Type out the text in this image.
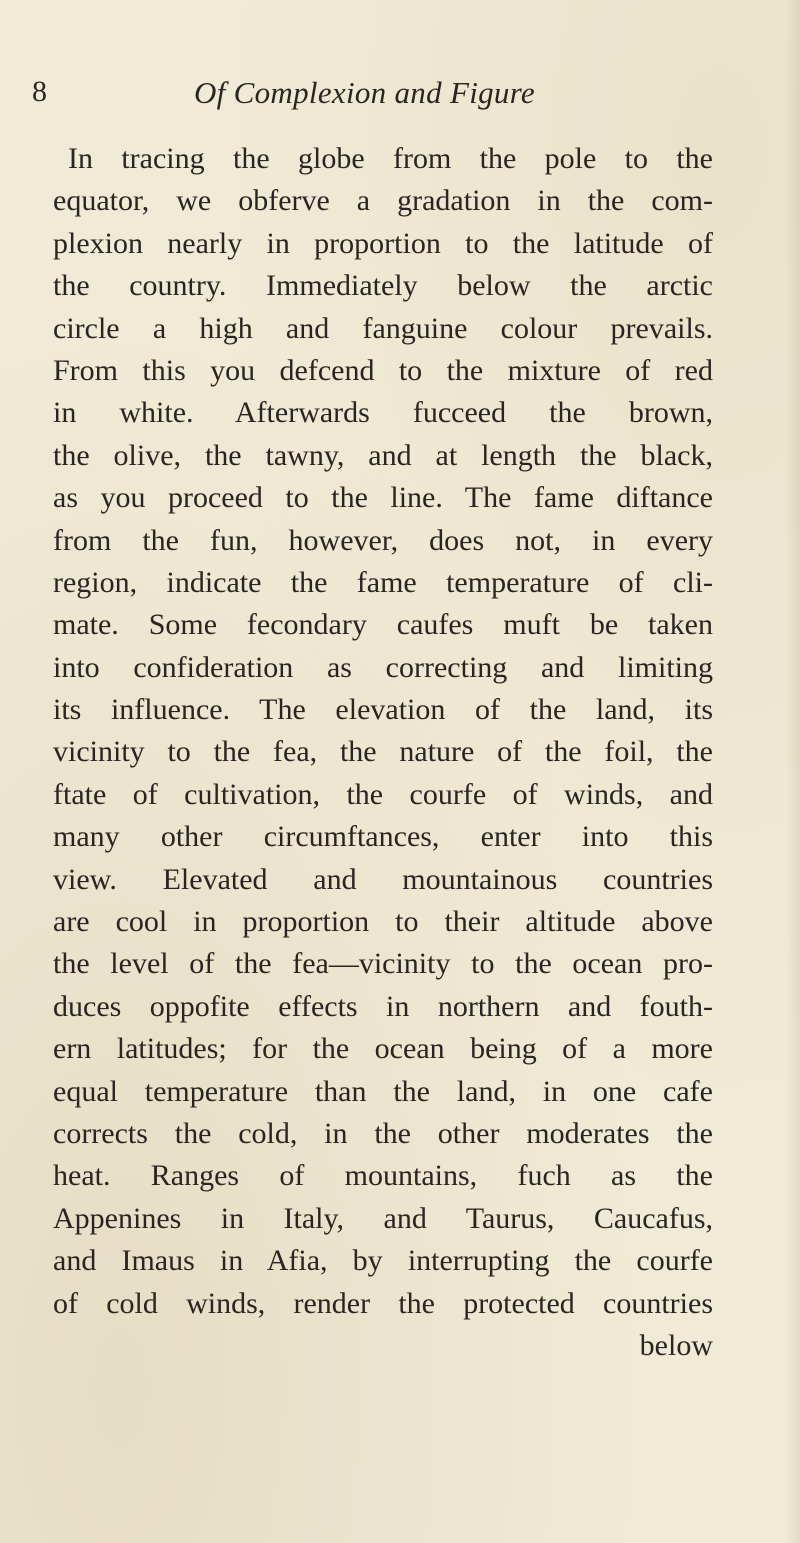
8	Of Complexion and Figure
In tracing the globe from the pole to the
equator, we obferve a gradation in the com-
plexion nearly in proportion to the latitude of
the country. Immediately below the arctic
circle a high and fanguine colour prevails.
From this you defcend to the mixture of red
in white. Afterwards fucceed the brown,
the olive, the tawny, and at length the black,
as you proceed to the line. The fame diftance
from the fun, however, does not, in every
region, indicate the fame temperature of cli-
mate. Some fecondary caufes muft be taken
into confideration as correcting and limiting
its influence. The elevation of the land, its
vicinity to the fea, the nature of the foil, the
ftate of cultivation, the courfe of winds, and
many other circumftances, enter into this
view. Elevated and mountainous countries
are cool in proportion to their altitude above
the level of the fea—vicinity to the ocean pro-
duces oppofite effects in northern and fouth-
ern latitudes; for the ocean being of a more
equal temperature than the land, in one cafe
corrects the cold, in the other moderates the
heat. Ranges of mountains, fuch as the
Appenines in Italy, and Taurus, Caucafus,
and Imaus in Afia, by interrupting the courfe
of cold winds, render the protected countries
below
